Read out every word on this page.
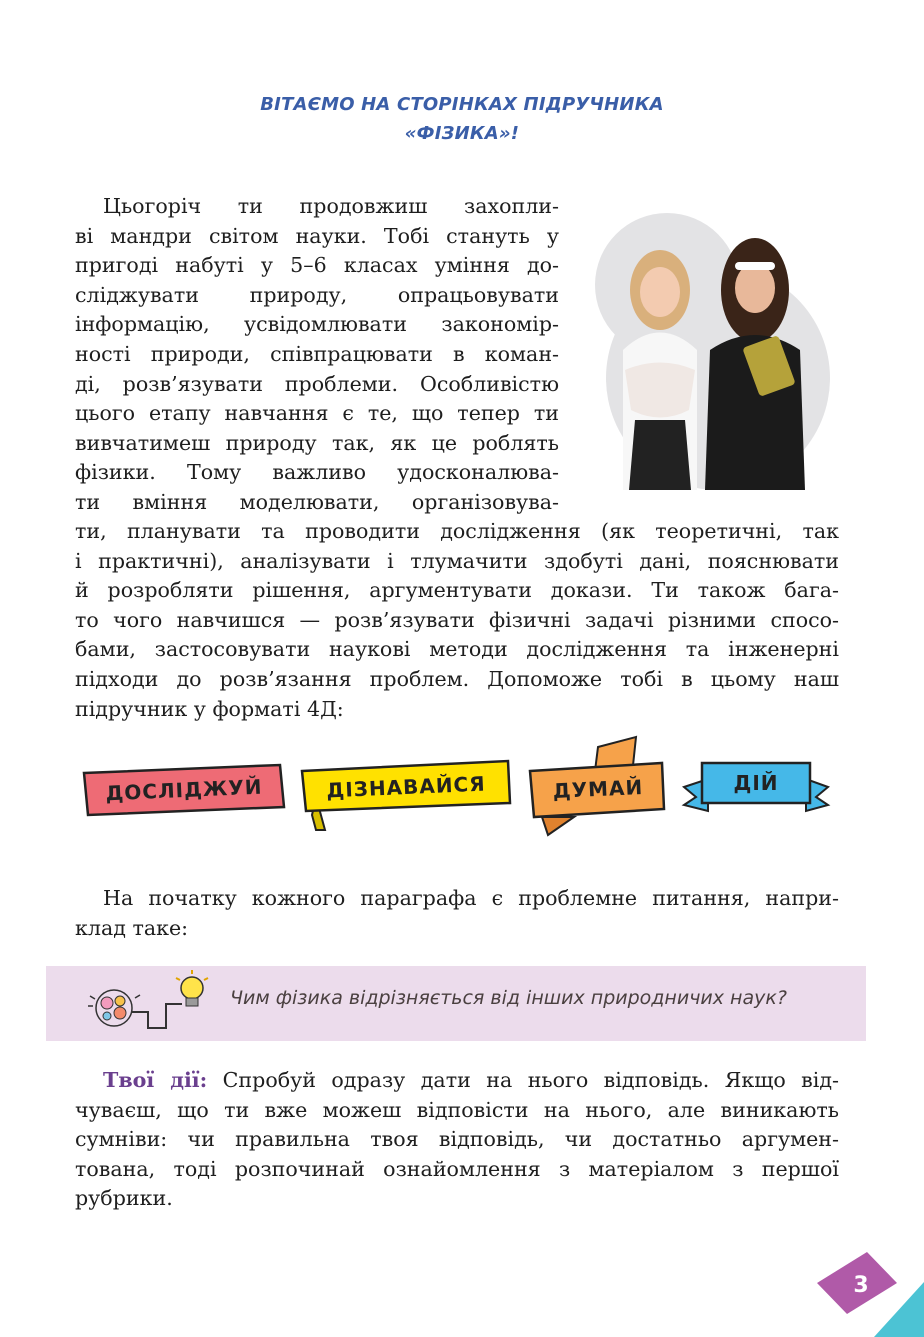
ВІТАЄМО НА СТОРІНКАХ ПІДРУЧНИКА
«ФІЗИКА»!
Цьогоріч ти продовжиш захопли-
ві мандри світом науки. Тобі стануть у
пригоді набуті у 5–6 класах уміння до-
сліджувати природу, опрацьовувати
інформацію, усвідомлювати закономір-
ності природи, співпрацювати в коман-
ді, розв’язувати проблеми. Особливістю
цього етапу навчання є те, що тепер ти
вивчатимеш природу так, як це роблять
фізики. Тому важливо удосконалюва-
ти вміння моделювати, організовува-
ти, планувати та проводити дослідження (як теоретичні, так
і практичні), аналізувати і тлумачити здобуті дані, пояснювати
й розробляти рішення, аргументувати докази. Ти також бага-
то чого навчишся — розв’язувати фізичні задачі різними спосо-
бами, застосовувати наукові методи дослідження та інженерні
підходи до розв’язання проблем. Допоможе тобі в цьому наш
підручник у форматі 4Д:
ДОСЛІДЖУЙ	ДІЗНАВАЙСЯ	ДУМАЙ	ДІЙ
На початку кожного параграфа є проблемне питання, напри-
клад таке:
Чим фізика відрізняється від інших природничих наук?
Твої дії: Спробуй одразу дати на нього відповідь. Якщо від-
чуваєш, що ти вже можеш відповісти на нього, але виникають
сумніви: чи правильна твоя відповідь, чи достатньо аргумен-
тована, тоді розпочинай ознайомлення з матеріалом з першої
рубрики.
3
